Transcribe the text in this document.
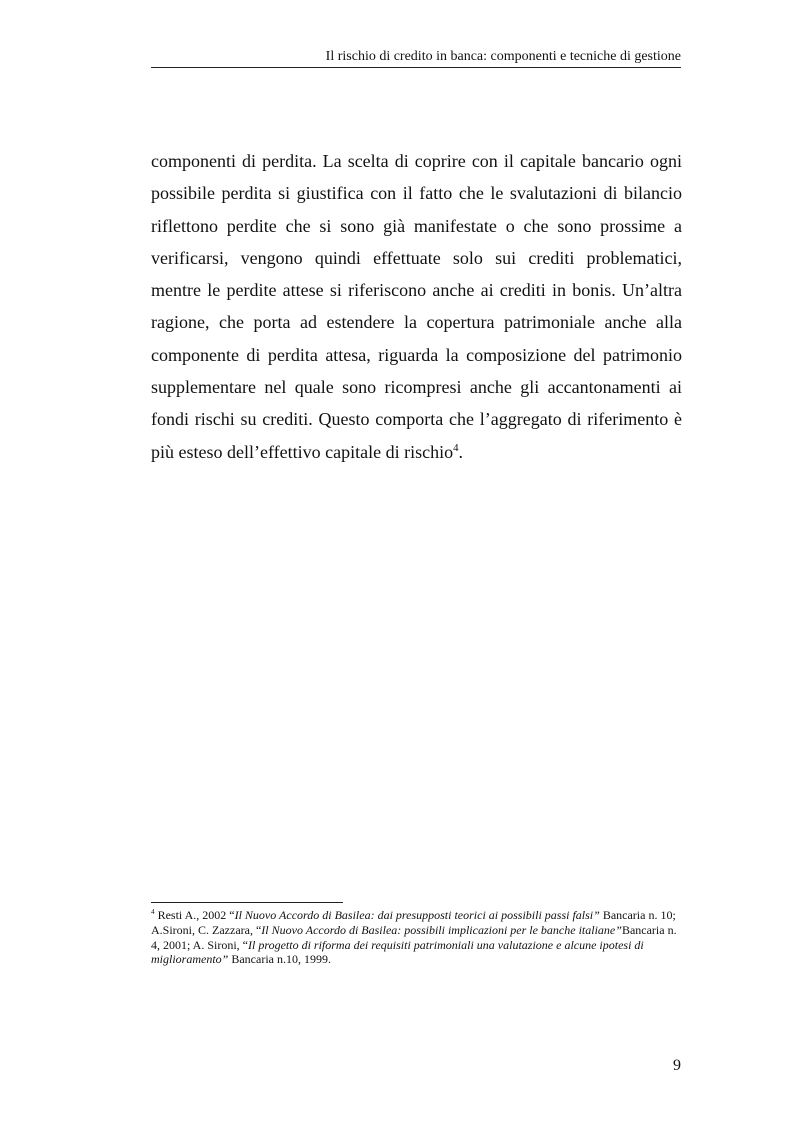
Il rischio di credito in banca: componenti e tecniche di gestione

componenti di perdita. La scelta di coprire con il capitale bancario ogni possibile perdita si giustifica con il fatto che le svalutazioni di bilancio riflettono perdite che si sono già manifestate o che sono prossime a verificarsi, vengono quindi effettuate solo sui crediti problematici, mentre le perdite attese si riferiscono anche ai crediti in bonis. Un’altra ragione, che porta ad estendere la copertura patrimoniale anche alla componente di perdita attesa, riguarda la composizione del patrimonio supplementare nel quale sono ricompresi anche gli accantonamenti ai fondi rischi su crediti. Questo comporta che l’aggregato di riferimento è più esteso dell’effettivo capitale di rischio$^4$.

$^4$ Resti A., 2002 “Il Nuovo Accordo di Basilea: dai presupposti teorici ai possibili passi falsi” Bancaria n. 10; A.Sironi, C. Zazzara, “Il Nuovo Accordo di Basilea: possibili implicazioni per le banche italiane”Bancaria n. 4, 2001; A. Sironi, “Il progetto di riforma dei requisiti patrimoniali una valutazione e alcune ipotesi di miglioramento” Bancaria n.10, 1999.

9
